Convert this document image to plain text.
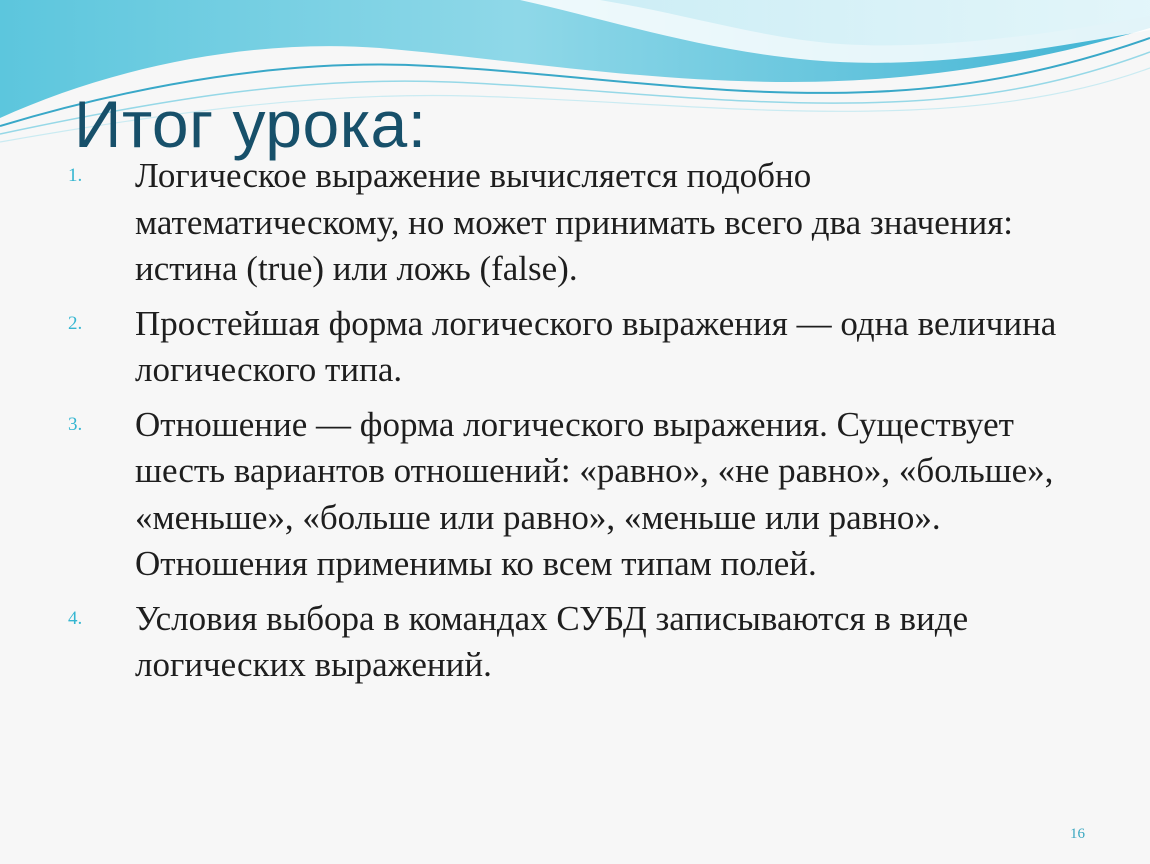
Итог урока:
1. Логическое выражение вычисляется подобно математическому, но может принимать всего два значения: истина (true) или ложь (false).
2. Простейшая форма логического выражения — одна величина логического типа.
3. Отношение — форма логического выражения. Существует шесть вариантов отношений: «равно», «не равно», «больше», «меньше», «больше или равно», «меньше или равно». Отношения применимы ко всем типам полей.
4. Условия выбора в командах СУБД записываются в виде логических выражений.
16
